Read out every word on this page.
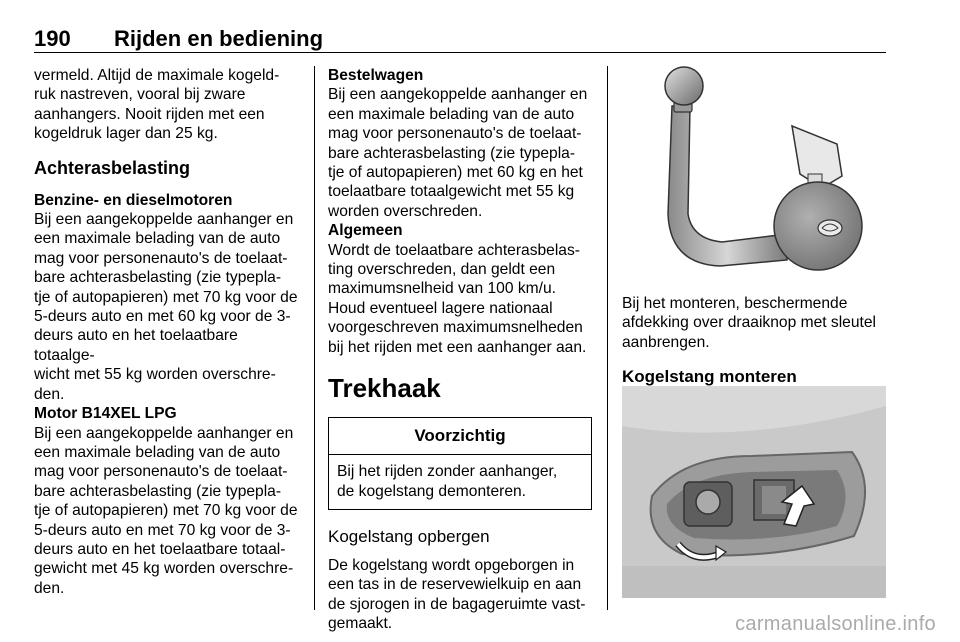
190 Rijden en bediening

vermeld. Altijd de maximale kogeld-
ruk nastreven, vooral bij zware
aanhangers. Nooit rijden met een
kogeldruk lager dan 25 kg.

Achterasbelasting

Benzine- en dieselmotoren

Bij een aangekoppelde aanhanger en
een maximale belading van de auto
mag voor personenauto's de toelaat-
bare achterasbelasting (zie typepla-
tje of autopapieren) met 70 kg voor de
5-deurs auto en met 60 kg voor de 3-
deurs auto en het toelaatbare totaalge-
wicht met 55 kg worden overschre-
den.

Motor B14XEL LPG

Bij een aangekoppelde aanhanger en
een maximale belading van de auto
mag voor personenauto's de toelaat-
bare achterasbelasting (zie typepla-
tje of autopapieren) met 70 kg voor de
5-deurs auto en met 70 kg voor de 3-
deurs auto en het toelaatbare totaal-
gewicht met 45 kg worden overschre-
den.

Bestelwagen

Bij een aangekoppelde aanhanger en
een maximale belading van de auto
mag voor personenauto's de toelaat-
bare achterasbelasting (zie typepla-
tje of autopapieren) met 60 kg en het
toelaatbare totaalgewicht met 55 kg
worden overschreden.

Algemeen

Wordt de toelaatbare achterasbelas-
ting overschreden, dan geldt een
maximumsnelheid van 100 km/u.
Houd eventueel lagere nationaal
voorgeschreven maximumsnelheden
bij het rijden met een aanhanger aan.

Trekhaak
Voorzichtig
Bij het rijden zonder aanhanger,
de kogelstang demonteren.
Kogelstang opbergen

De kogelstang wordt opgeborgen in
een tas in de reservewielkuip en aan
de sjorogen in de bagageruimte vast-
gemaakt.

Bij het monteren, beschermende
afdekking over draaiknop met sleutel
aanbrengen.

Kogelstang monteren
carmanualsonline.info
